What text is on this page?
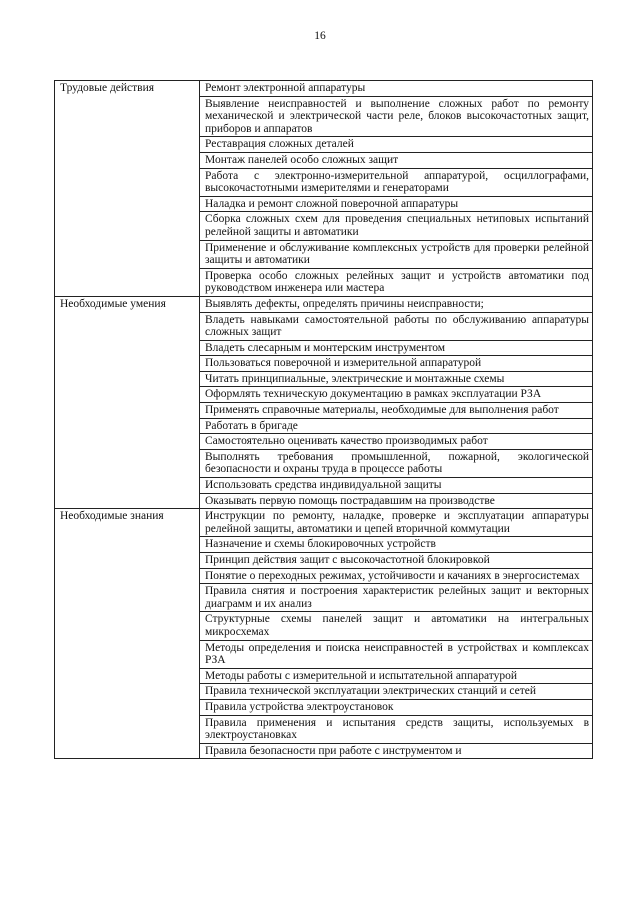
16
Трудовые действия	Ремонт электронной аппаратуры
	Выявление неисправностей и выполнение сложных работ по ремонту механической и электрической части реле, блоков высокочастотных защит, приборов и аппаратов
	Реставрация сложных деталей
	Монтаж панелей особо сложных защит
	Работа с электронно-измерительной аппаратурой, осциллографами, высокочастотными измерителями и генераторами
	Наладка и ремонт сложной поверочной аппаратуры
	Сборка сложных схем для проведения специальных нетиповых испытаний релейной защиты и автоматики
	Применение и обслуживание комплексных устройств для проверки релейной защиты и автоматики
	Проверка особо сложных релейных защит и устройств автоматики под руководством инженера или мастера
Необходимые умения	Выявлять дефекты, определять причины неисправности;
	Владеть навыками самостоятельной работы по обслуживанию аппаратуры сложных защит
	Владеть слесарным и монтерским инструментом
	Пользоваться поверочной и измерительной аппаратурой
	Читать принципиальные, электрические и монтажные схемы
	Оформлять техническую документацию в рамках эксплуатации РЗА
	Применять справочные материалы, необходимые для выполнения работ
	Работать в бригаде
	Самостоятельно оценивать качество производимых работ
	Выполнять требования промышленной, пожарной, экологической безопасности и охраны труда в процессе работы
	Использовать средства индивидуальной защиты
	Оказывать первую помощь пострадавшим на производстве
Необходимые знания	Инструкции по ремонту, наладке, проверке и эксплуатации аппаратуры релейной защиты, автоматики и цепей вторичной коммутации
	Назначение и схемы блокировочных устройств
	Принцип действия защит с высокочастотной блокировкой
	Понятие о переходных режимах, устойчивости и качаниях в энергосистемах
	Правила снятия и построения характеристик релейных защит и векторных диаграмм и их анализ
	Структурные схемы панелей защит и автоматики на интегральных микросхемах
	Методы определения и поиска неисправностей в устройствах и комплексах РЗА
	Методы работы с измерительной и испытательной аппаратурой
	Правила технической эксплуатации электрических станций и сетей
	Правила устройства электроустановок
	Правила применения и испытания средств защиты, используемых в электроустановках
	Правила безопасности при работе с инструментом и
